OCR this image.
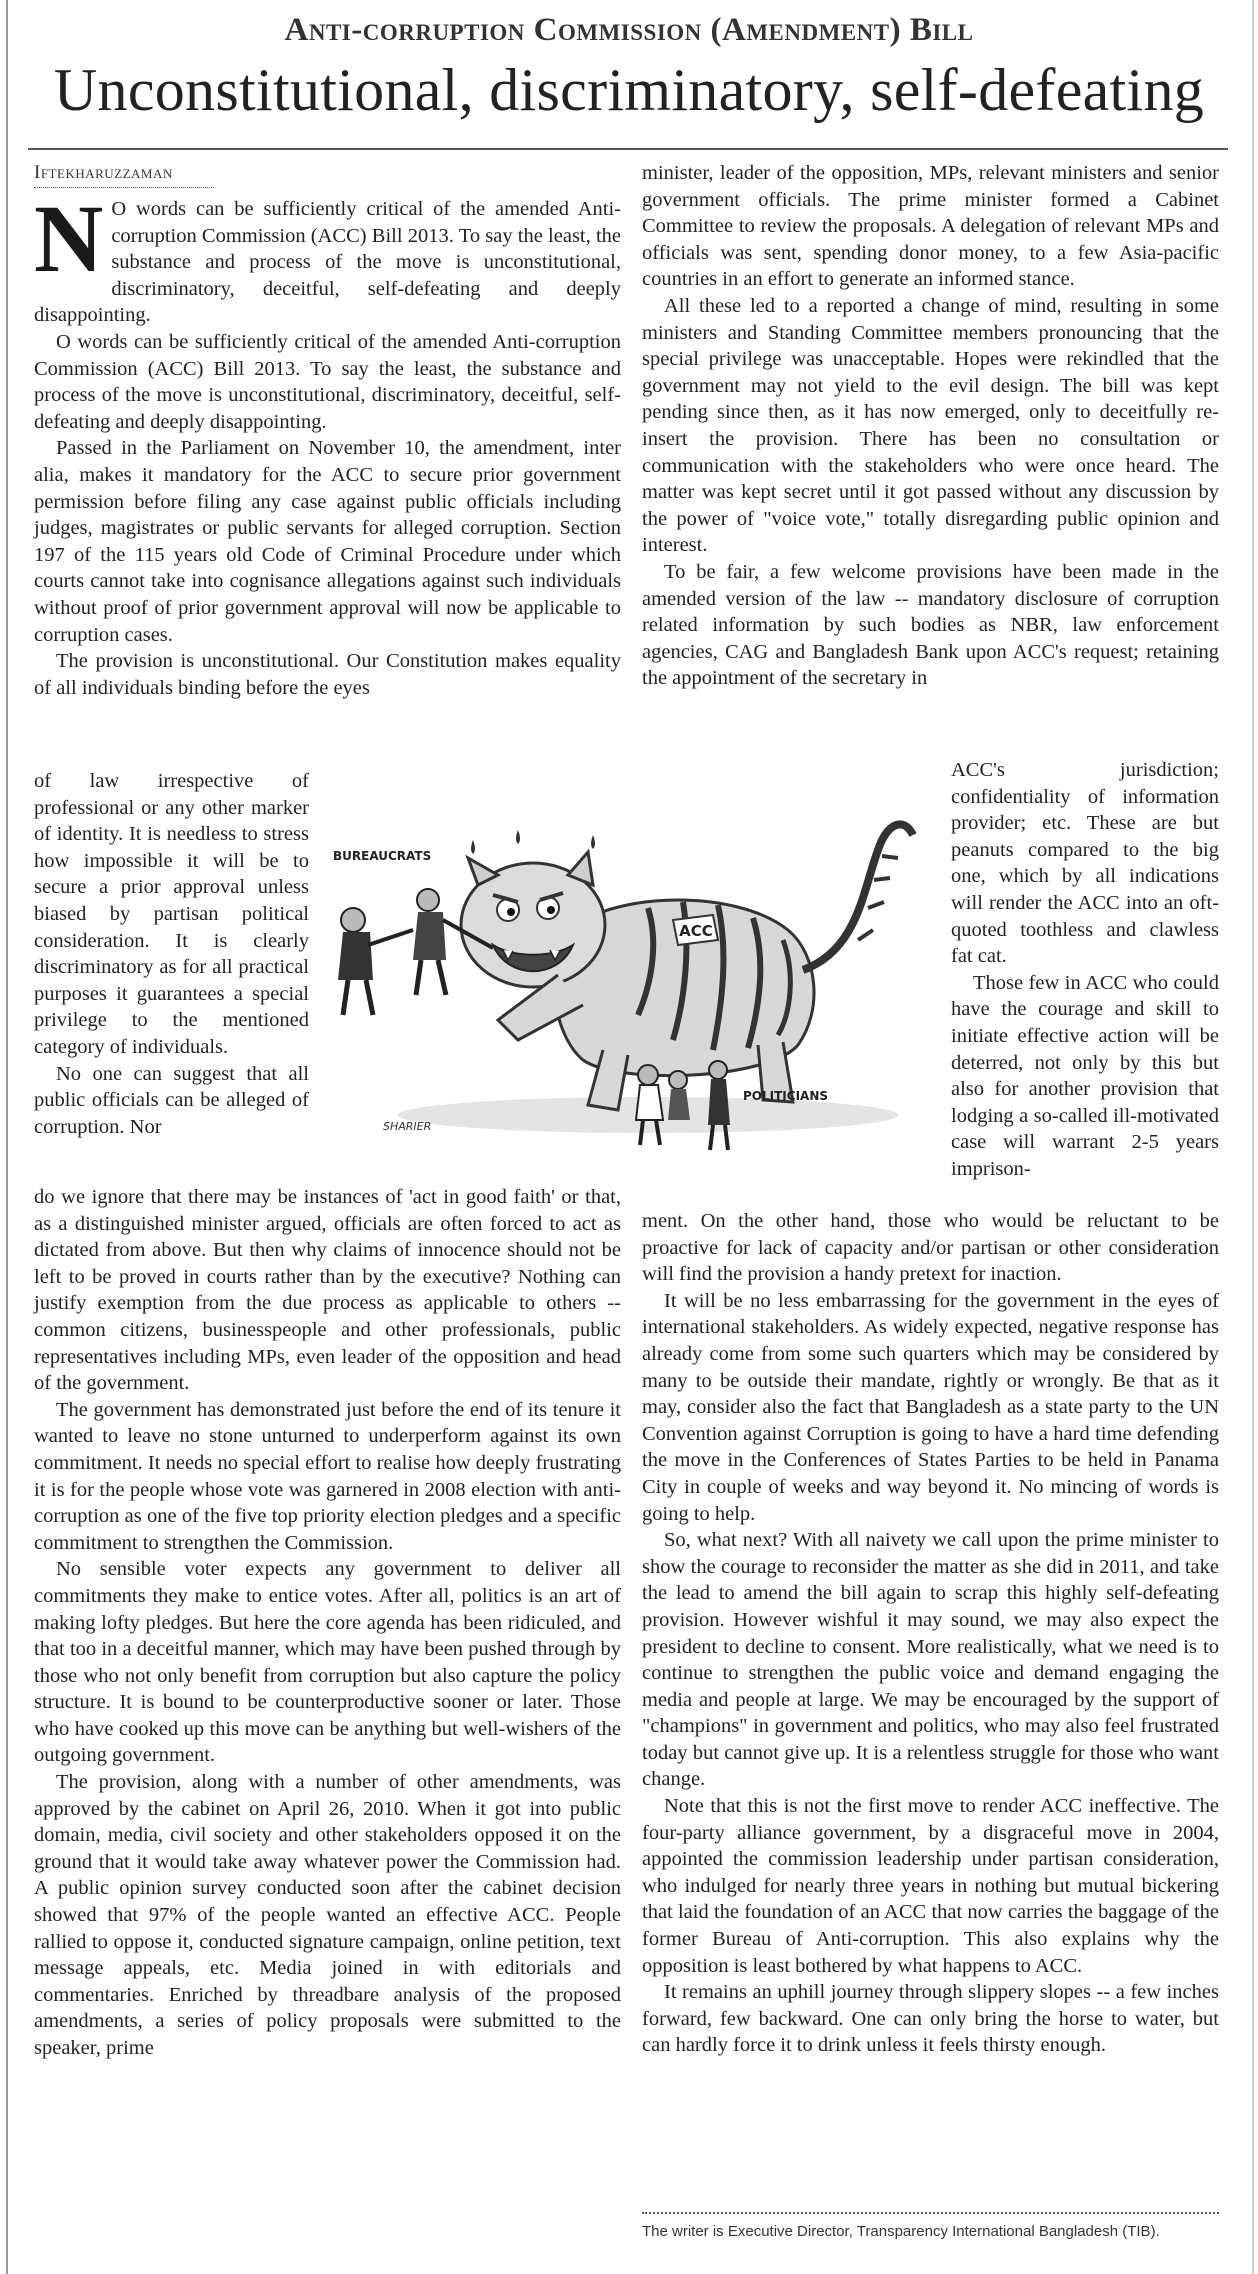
Anti-corruption Commission (Amendment) Bill
Unconstitutional, discriminatory, self-defeating
Iftekharuzzaman

N O words can be sufficiently critical of the amended Anti-corruption Commission (ACC) Bill 2013. To say the least, the substance and process of the move is unconstitutional, discriminatory, deceitful, self-defeating and deeply disappointing.

O words can be sufficiently critical of the amended Anti-corruption Commission (ACC) Bill 2013. To say the least, the substance and process of the move is unconstitutional, discriminatory, deceitful, self-defeating and deeply disappointing.

Passed in the Parliament on November 10, the amendment, inter alia, makes it mandatory for the ACC to secure prior government permission before filing any case against public officials including judges, magistrates or public servants for alleged corruption. Section 197 of the 115 years old Code of Criminal Procedure under which courts cannot take into cognisance allegations against such individuals without proof of prior government approval will now be applicable to corruption cases.

The provision is unconstitutional. Our Constitution makes equality of all individuals binding before the eyes

of law irrespective of professional or any other marker of identity. It is needless to stress how impossible it will be to secure a prior approval unless biased by partisan political consideration. It is clearly discriminatory as for all practical purposes it guarantees a special privilege to the mentioned category of individuals.

No one can suggest that all public officials can be alleged of corruption. Nor

do we ignore that there may be instances of 'act in good faith' or that, as a distinguished minister argued, officials are often forced to act as dictated from above. But then why claims of innocence should not be left to be proved in courts rather than by the executive? Nothing can justify exemption from the due process as applicable to others -- common citizens, businesspeople and other professionals, public representatives including MPs, even leader of the opposition and head of the government.

The government has demonstrated just before the end of its tenure it wanted to leave no stone unturned to underperform against its own commitment. It needs no special effort to realise how deeply frustrating it is for the people whose vote was garnered in 2008 election with anti-corruption as one of the five top priority election pledges and a specific commitment to strengthen the Commission.

No sensible voter expects any government to deliver all commitments they make to entice votes. After all, politics is an art of making lofty pledges. But here the core agenda has been ridiculed, and that too in a deceitful manner, which may have been pushed through by those who not only benefit from corruption but also capture the policy structure. It is bound to be counterproductive sooner or later. Those who have cooked up this move can be anything but well-wishers of the outgoing government.

The provision, along with a number of other amendments, was approved by the cabinet on April 26, 2010. When it got into public domain, media, civil society and other stakeholders opposed it on the ground that it would take away whatever power the Commission had. A public opinion survey conducted soon after the cabinet decision showed that 97% of the people wanted an effective ACC. People rallied to oppose it, conducted signature campaign, online petition, text message appeals, etc. Media joined in with editorials and commentaries. Enriched by threadbare analysis of the proposed amendments, a series of policy proposals were submitted to the speaker, prime

minister, leader of the opposition, MPs, relevant ministers and senior government officials. The prime minister formed a Cabinet Committee to review the proposals. A delegation of relevant MPs and officials was sent, spending donor money, to a few Asia-pacific countries in an effort to generate an informed stance.

All these led to a reported a change of mind, resulting in some ministers and Standing Committee members pronouncing that the special privilege was unacceptable. Hopes were rekindled that the government may not yield to the evil design. The bill was kept pending since then, as it has now emerged, only to deceitfully re-insert the provision. There has been no consultation or communication with the stakeholders who were once heard. The matter was kept secret until it got passed without any discussion by the power of "voice vote," totally disregarding public opinion and interest.

To be fair, a few welcome provisions have been made in the amended version of the law -- mandatory disclosure of corruption related information by such bodies as NBR, law enforcement agencies, CAG and Bangladesh Bank upon ACC's request; retaining the appointment of the secretary in

ACC's jurisdiction; confidentiality of information provider; etc. These are but peanuts compared to the big one, which by all indications will render the ACC into an oft-quoted toothless and clawless fat cat.

Those few in ACC who could have the courage and skill to initiate effective action will be deterred, not only by this but also for another provision that lodging a so-called ill-motivated case will warrant 2-5 years imprison-

ment. On the other hand, those who would be reluctant to be proactive for lack of capacity and/or partisan or other consideration will find the provision a handy pretext for inaction.

It will be no less embarrassing for the government in the eyes of international stakeholders. As widely expected, negative response has already come from some such quarters which may be considered by many to be outside their mandate, rightly or wrongly. Be that as it may, consider also the fact that Bangladesh as a state party to the UN Convention against Corruption is going to have a hard time defending the move in the Conferences of States Parties to be held in Panama City in couple of weeks and way beyond it. No mincing of words is going to help.

So, what next? With all naivety we call upon the prime minister to show the courage to reconsider the matter as she did in 2011, and take the lead to amend the bill again to scrap this highly self-defeating provision. However wishful it may sound, we may also expect the president to decline to consent. More realistically, what we need is to continue to strengthen the public voice and demand engaging the media and people at large. We may be encouraged by the support of "champions" in government and politics, who may also feel frustrated today but cannot give up. It is a relentless struggle for those who want change.

Note that this is not the first move to render ACC ineffective. The four-party alliance government, by a disgraceful move in 2004, appointed the commission leadership under partisan consideration, who indulged for nearly three years in nothing but mutual bickering that laid the foundation of an ACC that now carries the baggage of the former Bureau of Anti-corruption. This also explains why the opposition is least bothered by what happens to ACC.

It remains an uphill journey through slippery slopes -- a few inches forward, few backward. One can only bring the horse to water, but can hardly force it to drink unless it feels thirsty enough.

ACC
BUREAUCRATS
POLITICIANS
SHARIER
The writer is Executive Director, Transparency International Bangladesh (TIB).
